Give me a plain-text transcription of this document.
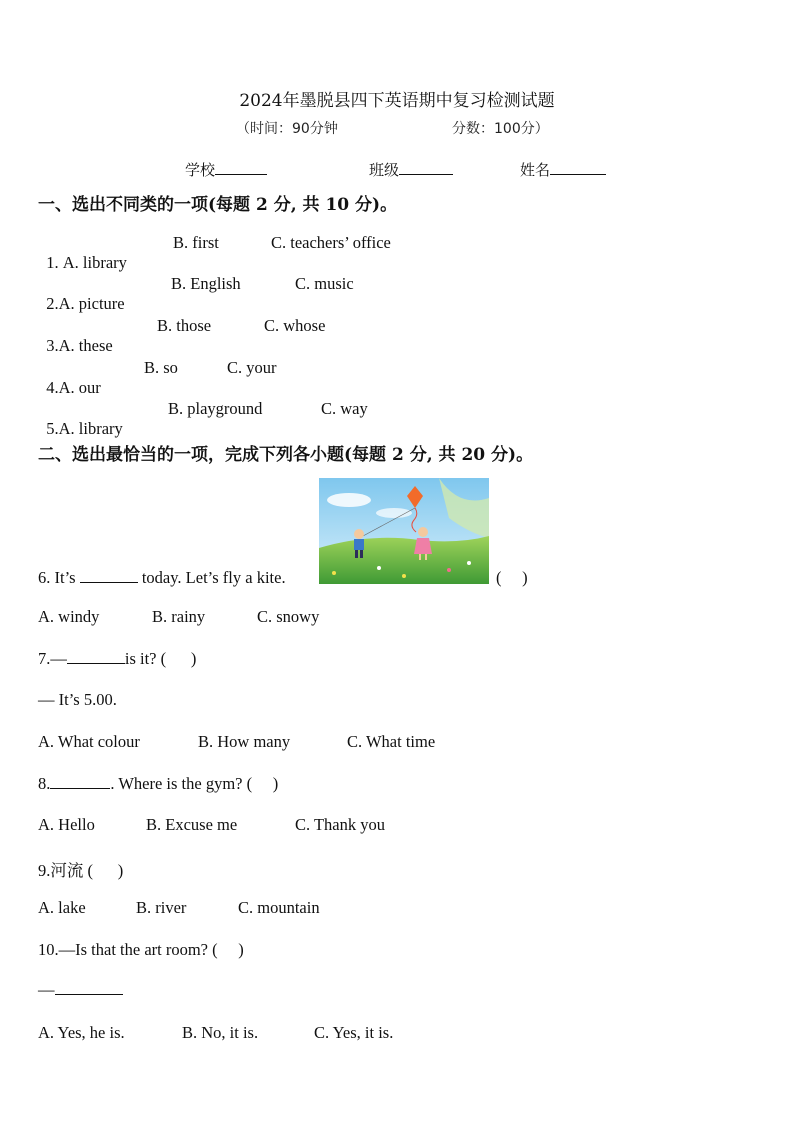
2024年墨脱县四下英语期中复习检测试题
（时间：90分钟	分数：100分）
学校	班级	姓名
一、选出不同类的一项(每题 2 分, 共 10 分)。

1. A. library

B. first	C. teachers’ office

2.A. picture

B. English	C. music

3.A. these

B. those	C. whose

4.A. our

B. so	C. your

5.A. library

B. playground	C. way
二、选出最恰当的一项，完成下列各小题(每题 2 分, 共 20 分)。
6. It’s	today. Let’s fly a kite.	(     )
A. windy	B. rainy	C. snowy
7.—	is it? (      )
— It’s 5.00.
A. What colour	B. How many	C. What time
8.	. Where is the gym? (     )
A. Hello	B. Excuse me	C. Thank you
9.河流 (      )
A. lake	B. river	C. mountain
10.—Is that the art room? (     )
—
A. Yes, he is.	B. No, it is.	C. Yes, it is.
